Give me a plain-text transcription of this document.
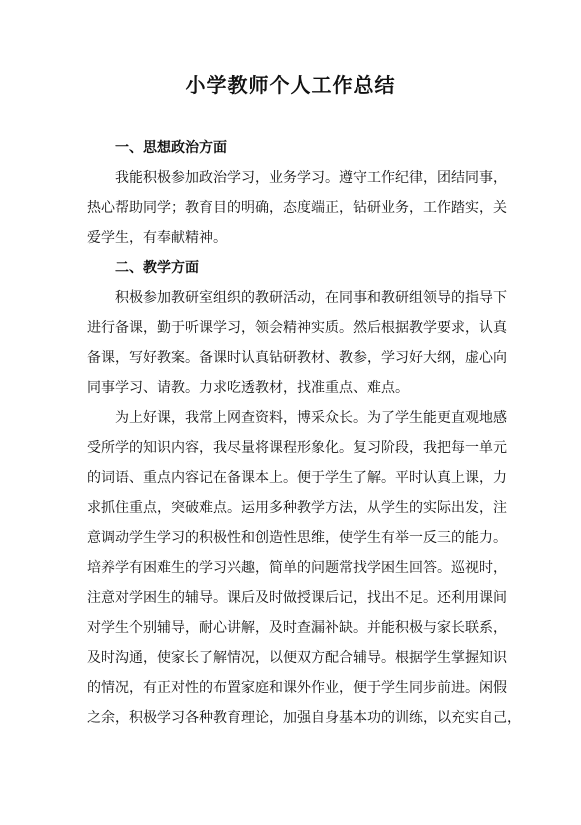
小学教师个人工作总结
一、思想政治方面
我能积极参加政治学习，业务学习。遵守工作纪律，团结同事，
热心帮助同学；教育目的明确，态度端正，钻研业务，工作踏实，关
爱学生，有奉献精神。
二、教学方面
积极参加教研室组织的教研活动，在同事和教研组领导的指导下
进行备课，勤于听课学习，领会精神实质。然后根据教学要求，认真
备课，写好教案。备课时认真钻研教材、教参，学习好大纲，虚心向
同事学习、请教。力求吃透教材，找准重点、难点。
为上好课，我常上网查资料，博采众长。为了学生能更直观地感
受所学的知识内容，我尽量将课程形象化。复习阶段，我把每一单元
的词语、重点内容记在备课本上。便于学生了解。平时认真上课，力
求抓住重点，突破难点。运用多种教学方法，从学生的实际出发，注
意调动学生学习的积极性和创造性思维，使学生有举一反三的能力。
培养学有困难生的学习兴趣，简单的问题常找学困生回答。巡视时，
注意对学困生的辅导。课后及时做授课后记，找出不足。还利用课间
对学生个别辅导，耐心讲解，及时查漏补缺。并能积极与家长联系，
及时沟通，使家长了解情况，以便双方配合辅导。根据学生掌握知识
的情况，有正对性的布置家庭和课外作业，便于学生同步前进。闲假
之余，积极学习各种教育理论，加强自身基本功的训练，以充实自己，
